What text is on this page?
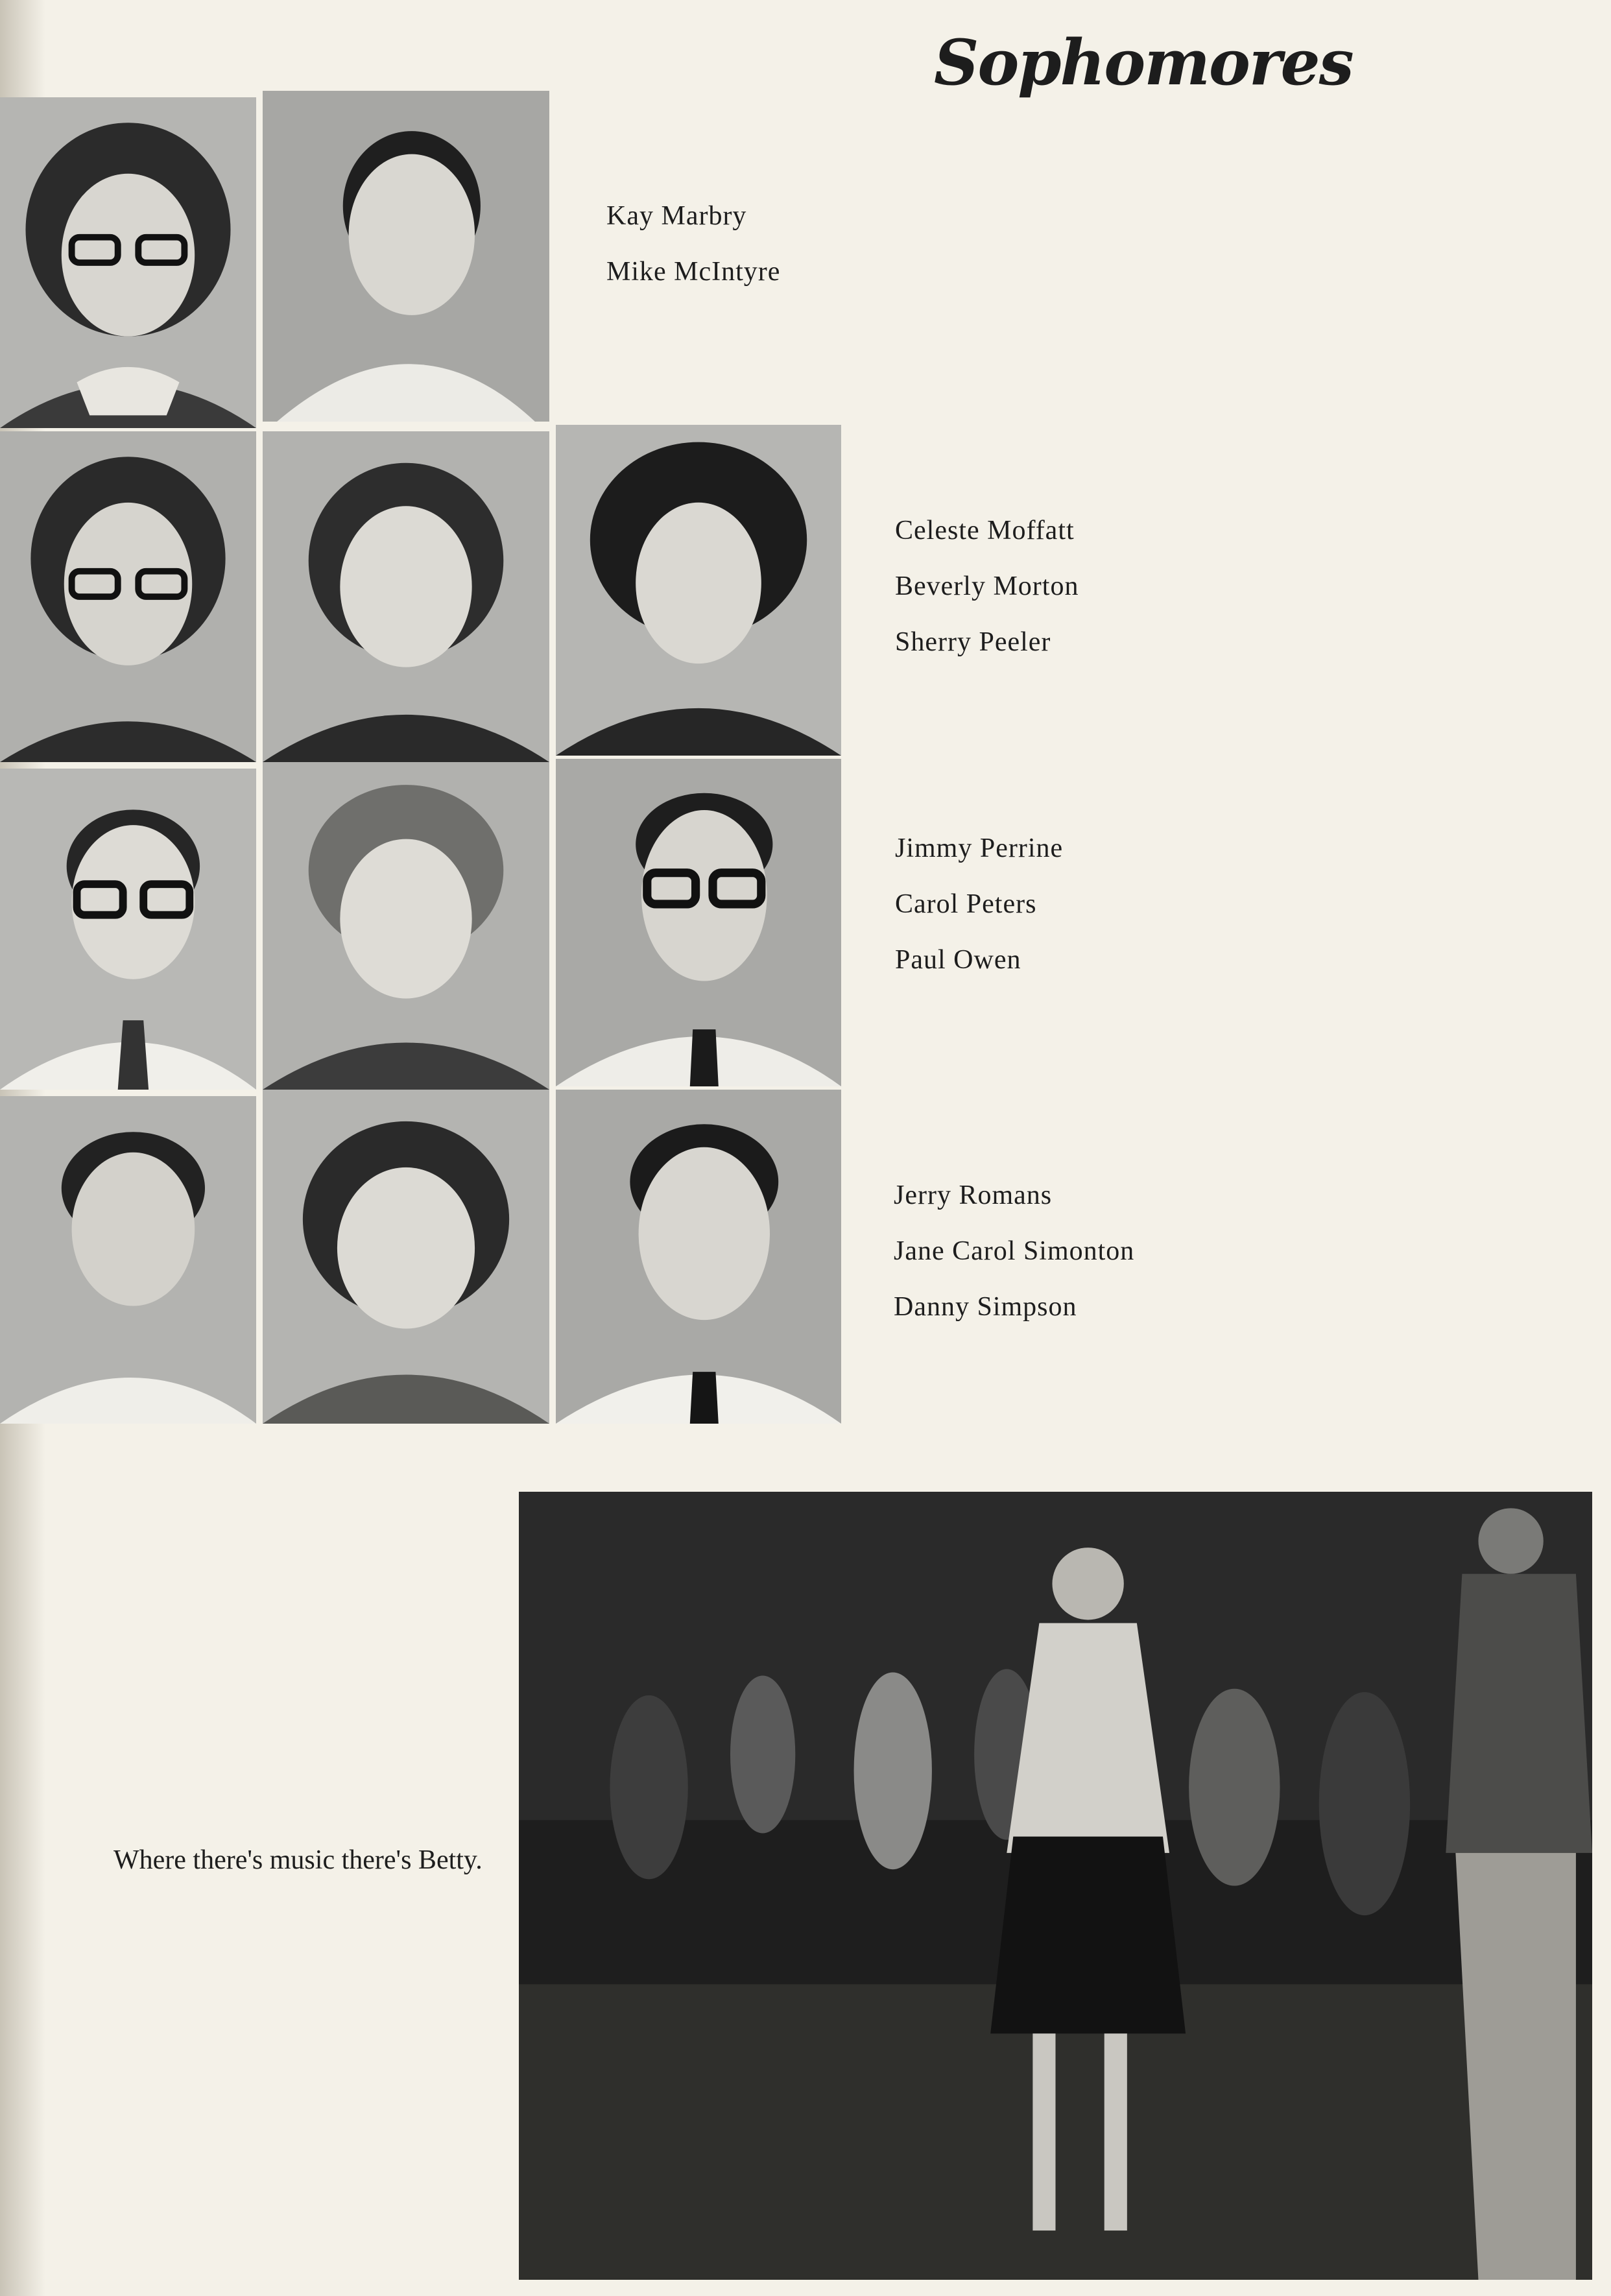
Sophomores
Kay Marbry
Mike McIntyre
Celeste Moffatt
Beverly Morton
Sherry Peeler
Jimmy Perrine
Carol Peters
Paul Owen
Jerry Romans
Jane Carol Simonton
Danny Simpson
Where there's music there's Betty.
